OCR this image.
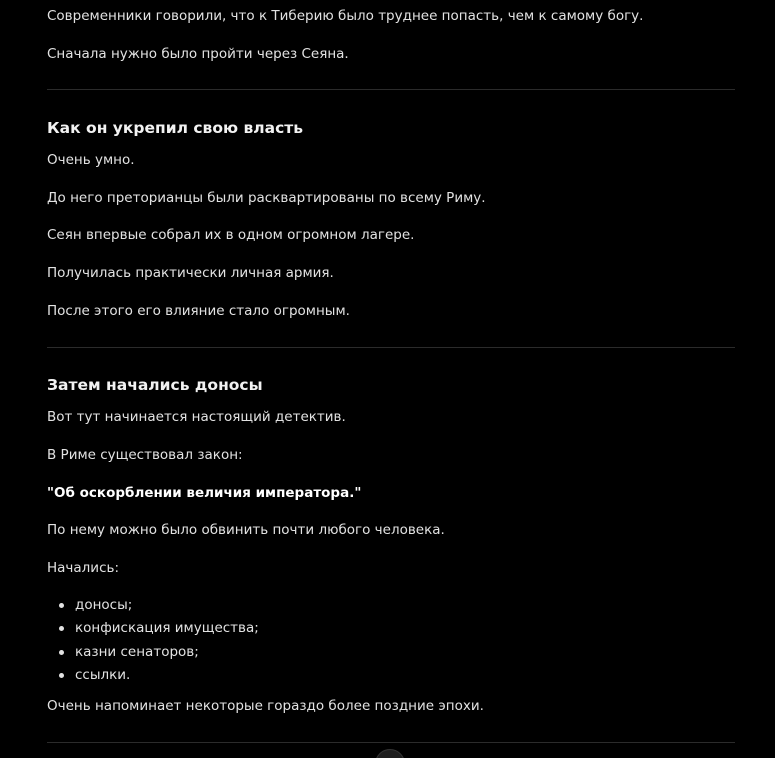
Современники говорили, что к Тиберию было труднее попасть, чем к самому богу.

Сначала нужно было пройти через Сеяна.

Как он укрепил свою власть

Очень умно.

До него преторианцы были расквартированы по всему Риму.

Сеян впервые собрал их в одном огромном лагере.

Получилась практически личная армия.

После этого его влияние стало огромным.

Затем начались доносы

Вот тут начинается настоящий детектив.

В Риме существовал закон:

"Об оскорблении величия императора."

По нему можно было обвинить почти любого человека.

Начались:

доносы;
конфискация имущества;
казни сенаторов;
ссылки.

Очень напоминает некоторые гораздо более поздние эпохи.
